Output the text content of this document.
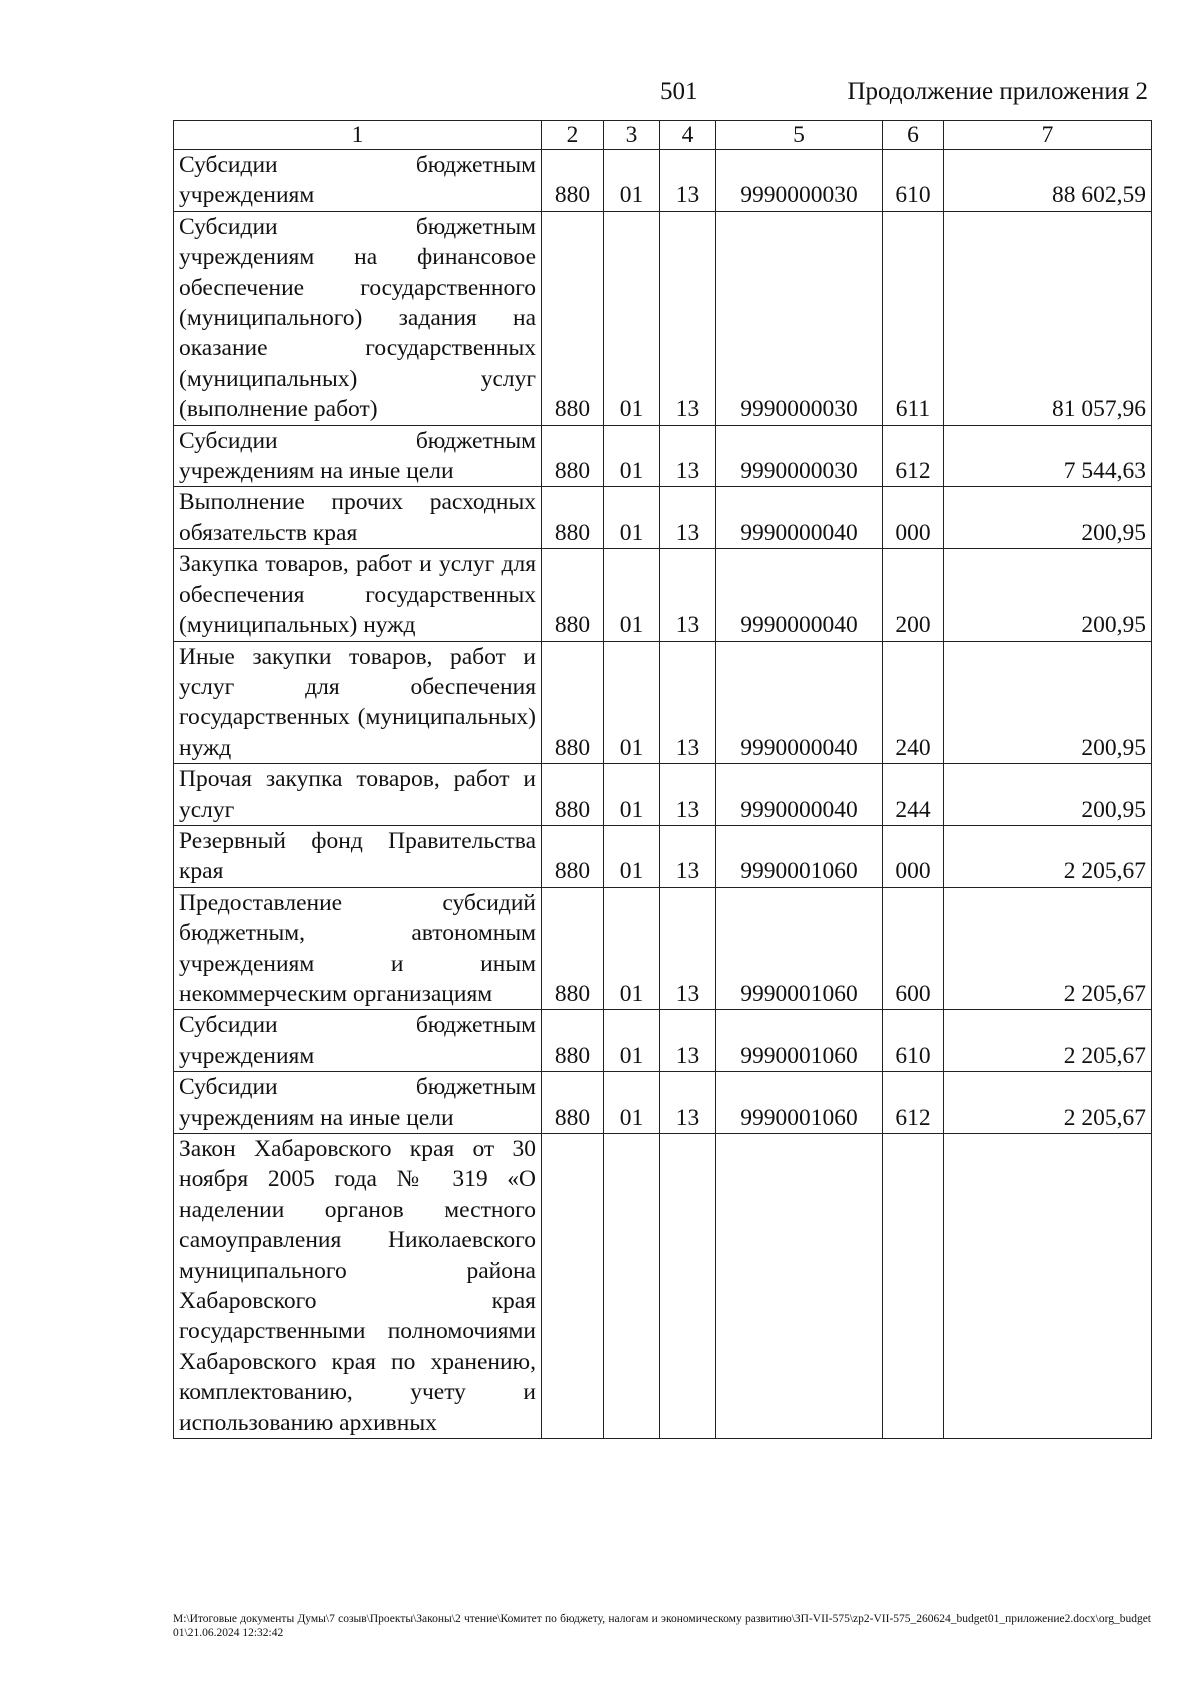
501	Продолжение приложения 2
1	2	3	4	5	6	7
Субсидии бюджетным учреждениям	880	01	13	9990000030	610	88 602,59
Субсидии бюджетным учреждениям на финансовое обеспечение государственного (муниципального) задания на оказание государственных (муниципальных) услуг (выполнение работ)	880	01	13	9990000030	611	81 057,96
Субсидии бюджетным учреждениям на иные цели	880	01	13	9990000030	612	7 544,63
Выполнение прочих расходных обязательств края	880	01	13	9990000040	000	200,95
Закупка товаров, работ и услуг для обеспечения государственных (муниципальных) нужд	880	01	13	9990000040	200	200,95
Иные закупки товаров, работ и услуг для обеспечения государственных (муниципальных) нужд	880	01	13	9990000040	240	200,95
Прочая закупка товаров, работ и услуг	880	01	13	9990000040	244	200,95
Резервный фонд Правительства края	880	01	13	9990001060	000	2 205,67
Предоставление субсидий бюджетным, автономным учреждениям и иным некоммерческим организациям	880	01	13	9990001060	600	2 205,67
Субсидии бюджетным учреждениям	880	01	13	9990001060	610	2 205,67
Субсидии бюджетным учреждениям на иные цели	880	01	13	9990001060	612	2 205,67
Закон Хабаровского края от 30 ноября 2005 года № 319 «О наделении органов местного самоуправления Николаевского муниципального района Хабаровского края государственными полномочиями Хабаровского края по хранению, комплектованию, учету и использованию архивных						
M:\Итоговые документы Думы\7 созыв\Проекты\Законы\2 чтение\Комитет по бюджету, налогам и экономическому развитию\ЗП-VII-575\zp2-VII-575_260624_budget01_приложение2.docx\org_budget01\21.06.2024 12:32:42
